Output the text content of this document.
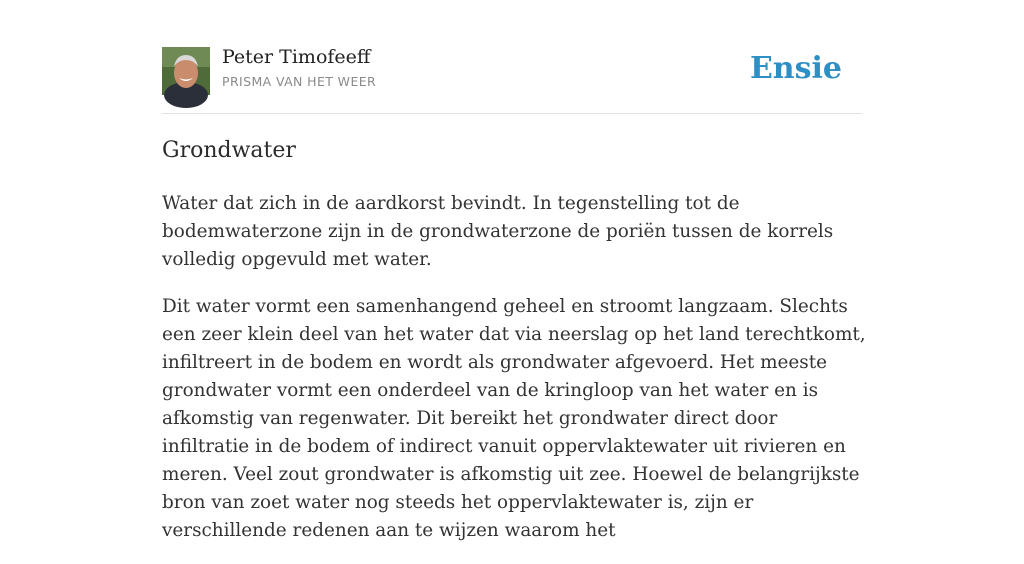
Peter Timofeeff
PRISMA VAN HET WEER	Ensie
Grondwater

Water dat zich in de aardkorst bevindt. In tegenstelling tot de bodemwaterzone zijn in de grondwaterzone de poriën tussen de korrels volledig opgevuld met water.

Dit water vormt een samenhangend geheel en stroomt langzaam. Slechts een zeer klein deel van het water dat via neerslag op het land terechtkomt, infiltreert in de bodem en wordt als grondwater afgevoerd. Het meeste grondwater vormt een onderdeel van de kringloop van het water en is afkomstig van regenwater. Dit bereikt het grondwater direct door infiltratie in de bodem of indirect vanuit oppervlaktewater uit rivieren en meren. Veel zout grondwater is afkomstig uit zee. Hoewel de belangrijkste bron van zoet water nog steeds het oppervlaktewater is, zijn er verschillende redenen aan te wijzen waarom het
